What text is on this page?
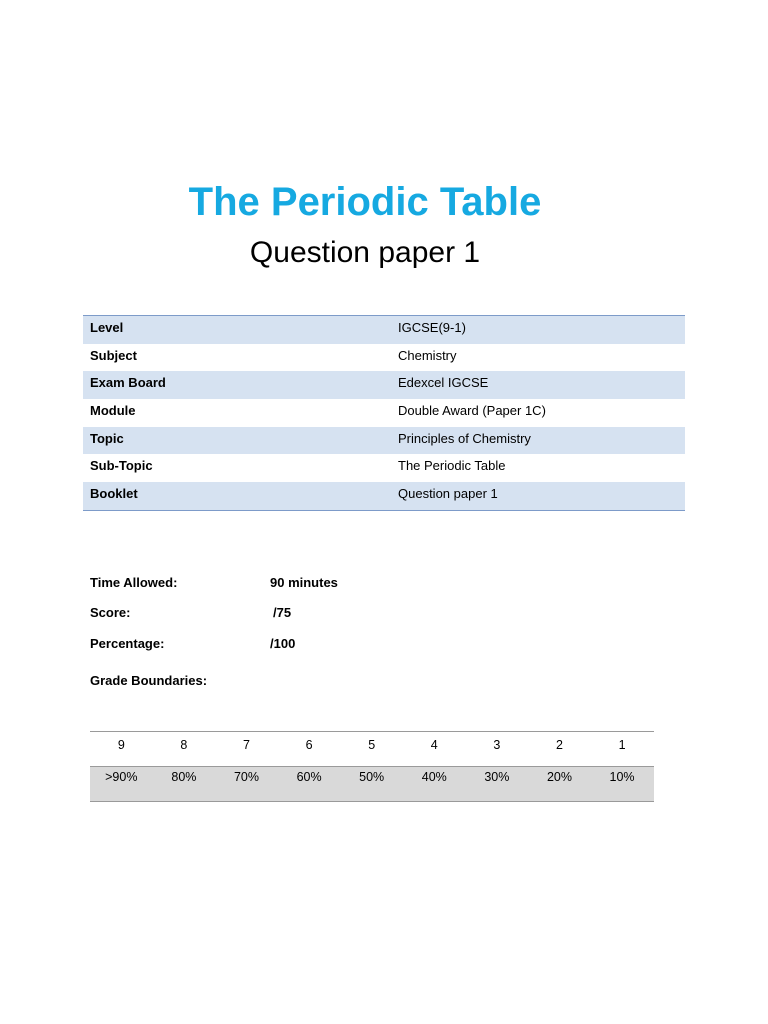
The Periodic Table
Question paper 1
Level	IGCSE(9-1)
Subject	Chemistry
Exam Board	Edexcel IGCSE
Module	Double Award (Paper 1C)
Topic	Principles of Chemistry
Sub-Topic	The Periodic Table
Booklet	Question paper 1
Time Allowed:	90 minutes
Score:	/75
Percentage:	/100
Grade Boundaries:
9	8	7	6	5	4	3	2	1
>90%	80%	70%	60%	50%	40%	30%	20%	10%
